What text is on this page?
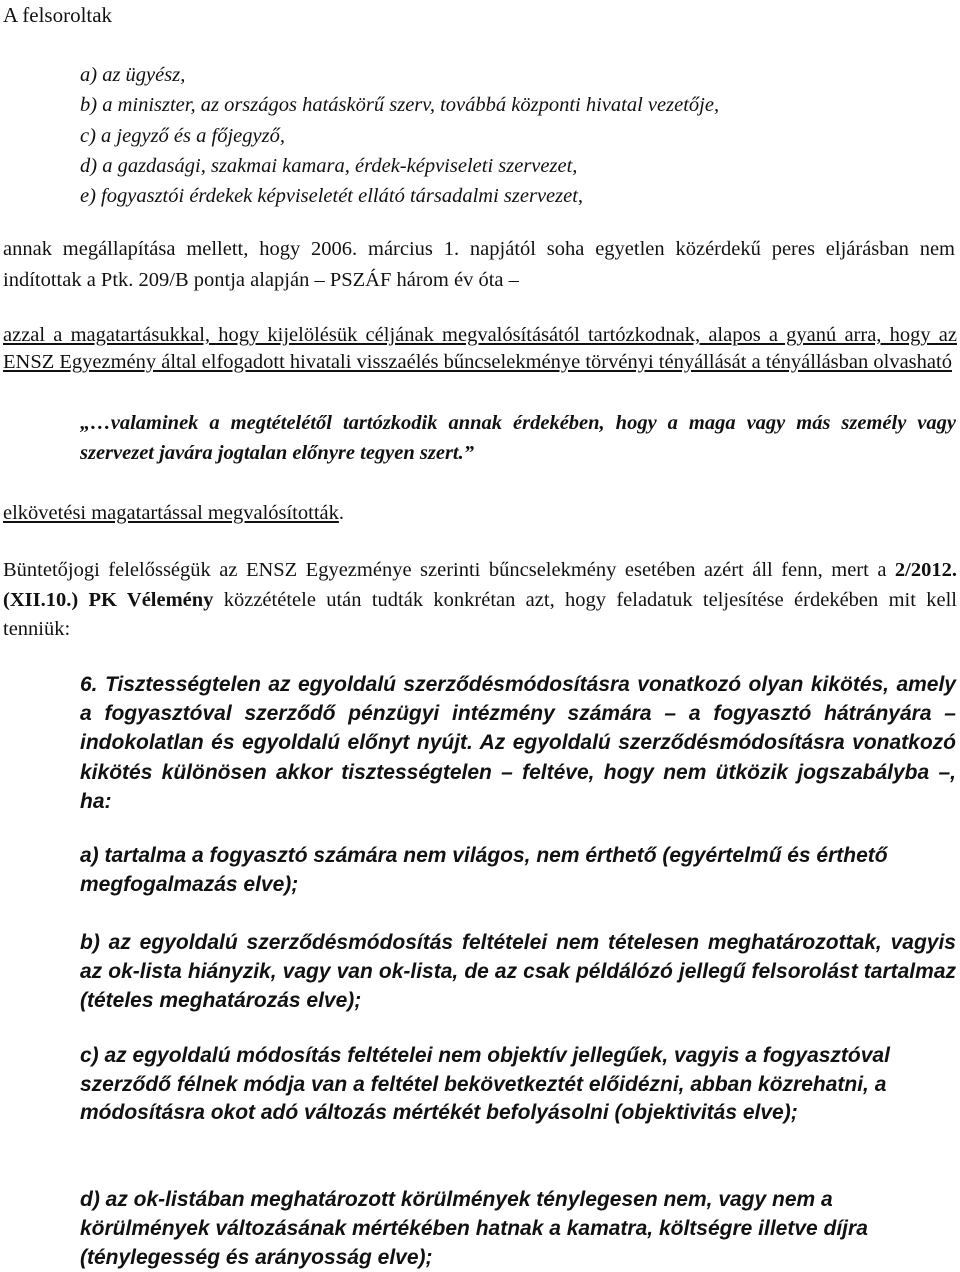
A felsoroltak
a) az ügyész,
b) a miniszter, az országos hatáskörű szerv, továbbá központi hivatal vezetője,
c) a jegyző és a főjegyző,
d) a gazdasági, szakmai kamara, érdek-képviseleti szervezet,
e) fogyasztói érdekek képviseletét ellátó társadalmi szervezet,
annak megállapítása mellett, hogy 2006. március 1. napjától soha egyetlen közérdekű peres eljárásban nem indítottak a Ptk. 209/B pontja alapján – PSZÁF három év óta –
azzal a magatartásukkal, hogy kijelölésük céljának megvalósításától tartózkodnak, alapos a gyanú arra, hogy az ENSZ Egyezmény által elfogadott hivatali visszaélés bűncselekménye törvényi tényállását a tényállásban olvasható
„…valaminek a megtételétől tartózkodik annak érdekében, hogy a maga vagy más személy vagy szervezet javára jogtalan előnyre tegyen szert.”
elkövetési magatartással megvalósították.
Büntetőjogi felelősségük az ENSZ Egyezménye szerinti bűncselekmény esetében azért áll fenn, mert a 2/2012.(XII.10.) PK Vélemény közzététele után tudták konkrétan azt, hogy feladatuk teljesítése érdekében mit kell tenniük:
6. Tisztességtelen az egyoldalú szerződésmódosításra vonatkozó olyan kikötés, amely a fogyasztóval szerződő pénzügyi intézmény számára – a fogyasztó hátrányára – indokolatlan és egyoldalú előnyt nyújt. Az egyoldalú szerződésmódosításra vonatkozó kikötés különösen akkor tisztességtelen – feltéve, hogy nem ütközik jogszabályba –, ha:
a) tartalma a fogyasztó számára nem világos, nem érthető (egyértelmű és érthető megfogalmazás elve);
b) az egyoldalú szerződésmódosítás feltételei nem tételesen meghatározottak, vagyis az ok-lista hiányzik, vagy van ok-lista, de az csak példálózó jellegű felsorolást tartalmaz (tételes meghatározás elve);
c) az egyoldalú módosítás feltételei nem objektív jellegűek, vagyis a fogyasztóval szerződő félnek módja van a feltétel bekövetkeztét előidézni, abban közrehatni, a módosításra okot adó változás mértékét befolyásolni (objektivitás elve);
d) az ok-listában meghatározott körülmények ténylegesen nem, vagy nem a körülmények változásának mértékében hatnak a kamatra, költségre illetve díjra (ténylegesség és arányosság elve);
